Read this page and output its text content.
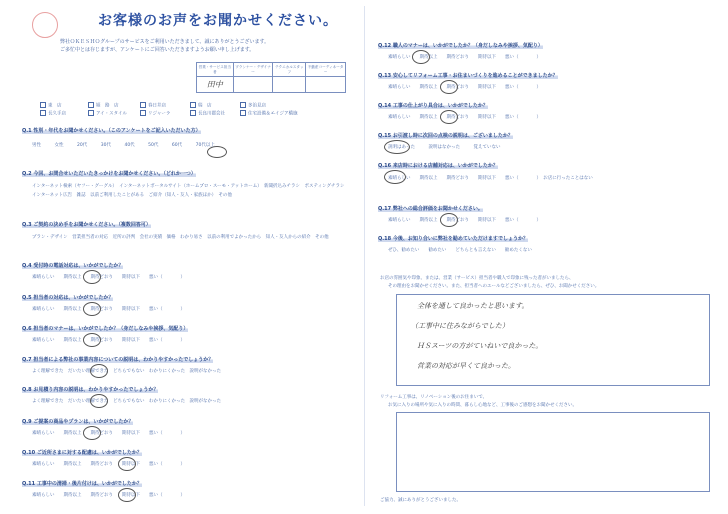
お客様のお声をお聞かせください。
弊社ＯＫＥＳＨＯグループのサービスをご利用いただきまして、誠にありがとうございます。
ご多忙中とは存じますが、アンケートにご回答いただきますようお願い申し上げます。
営業・サービス担当者	プランナー・デザイナー	テクニカルスタッフ	不動産コーディネーター
田中			
東　店
長久手店
姫　路　店
アイ・スタイル
春日井店
リジャーラ
瑞　店
長良川郡会社
多治見店
住宅設備＆エイジア橋施
Q.1 性別・年代をお聞かせください。（このアンケートをご記入いただいた方）
男性　　　女性　　　20代　　　30代　　　40代　　　50代　　　60代　　　70代以上
Q.2 今回、お問合せいただいたきっかけをお聞かせください。（どれか一つ）
インターネット検索（ヤフー・グーグル）　インターネットポータルサイト（ホームプロ・スーモ・アットホーム）　新聞折込みチラシ　ポスティングチラシ　インターネット広告　雑誌　以前ご利用したことがある　ご紹介（知人・友人・家族ほか）　その他
Q.3 ご契約の決め手をお聞かせください。（複数回答可）
プラン・デザイン　営業担当者の対応　近所の評判　会社の実績　価格　わかり易さ　以前の利用でよかったから　知人・友人からの紹介　その他
Q.4 受付時の電話対応は、いかがでしたか？
素晴らしい　　期待以上　　期待どおり　　期待以下　　悪い（　　　　）
Q.5 担当者の対応は、いかがでしたか？
素晴らしい　　期待以上　　期待どおり　　期待以下　　悪い（　　　　）
Q.6 担当者のマナーは、いかがでしたか？（身だしなみや挨拶、気配り）
素晴らしい　　期待以上　　期待どおり　　期待以下　　悪い（　　　　）
Q.7 担当者による弊社の事業内容についての説明は、わかりやすかったでしょうか？
よく理解できた　だいたい理解できた　どちらでもない　わかりにくかった　説明がなかった
Q.8 お見積り内容の説明は、わかりやすかったでしょうか？
よく理解できた　だいたい理解できた　どちらでもない　わかりにくかった　説明がなかった
Q.9 ご提案の商品やプランは、いかがでしたか？
素晴らしい　　期待以上　　期待どおり　　期待以下　　悪い（　　　　）
Q.10 ご近所さまに対する配慮は、いかがでしたか？
素晴らしい　　期待以上　　期待どおり　　期待以下　　悪い（　　　　）
Q.11 工事中の清掃・後片付けは、いかがでしたか？
素晴らしい　　期待以上　　期待どおり　　期待以下　　悪い（　　　　）
Q.12 職人のマナーは、いかがでしたか？（身だしなみや挨拶、気配り）
素晴らしい　　期待以上　　期待どおり　　期待以下　　悪い（　　　　）
Q.13 安心してリフォーム工事・お住まいづくりを進めることができましたか？
素晴らしい　　期待以上　　期待どおり　　期待以下　　悪い（　　　　）
Q.14 工事の仕上がり具合は、いかがでしたか？
素晴らしい　　期待以上　　期待どおり　　期待以下　　悪い（　　　　）
Q.15 お引渡し時に次回の点検の説明は、ございましたか？
説明はあった　　　説明はなかった　　　覚えていない
Q.16 来店時における店舗対応は、いかがでしたか？
素晴らしい　　期待以上　　期待どおり　　期待以下　　悪い（　　　　）　お店に行ったことはない
Q.17 弊社への総合評価をお聞かせください。
素晴らしい　　期待以上　　期待どおり　　期待以下　　悪い（　　　　）
Q.18 今後、お知り合いに弊社を勧めていただけますでしょうか？
ぜひ、勧めたい　　勧めたい　　どちらとも言えない　　勧めたくない
お店の雰囲気や印象、または、営業（サービス）担当者や職人で印象に残った者がいましたら、
その理由をお聞かせください。また、担当者へのエールなどございましたら、ぜひ、お聞かせください。
全体を通して良かったと思います。
（工事中に住みながらでした）
ＨＳスーツの方がていねいで良かった。
営業の対応が早くて良かった。
リフォーム工事は、リノベーション後のお住まいで、
お気に入りの場所や気に入りの時間、暮らし心地など、工事後のご感想をお聞かせください。
ご協力、誠にありがとうございました。
